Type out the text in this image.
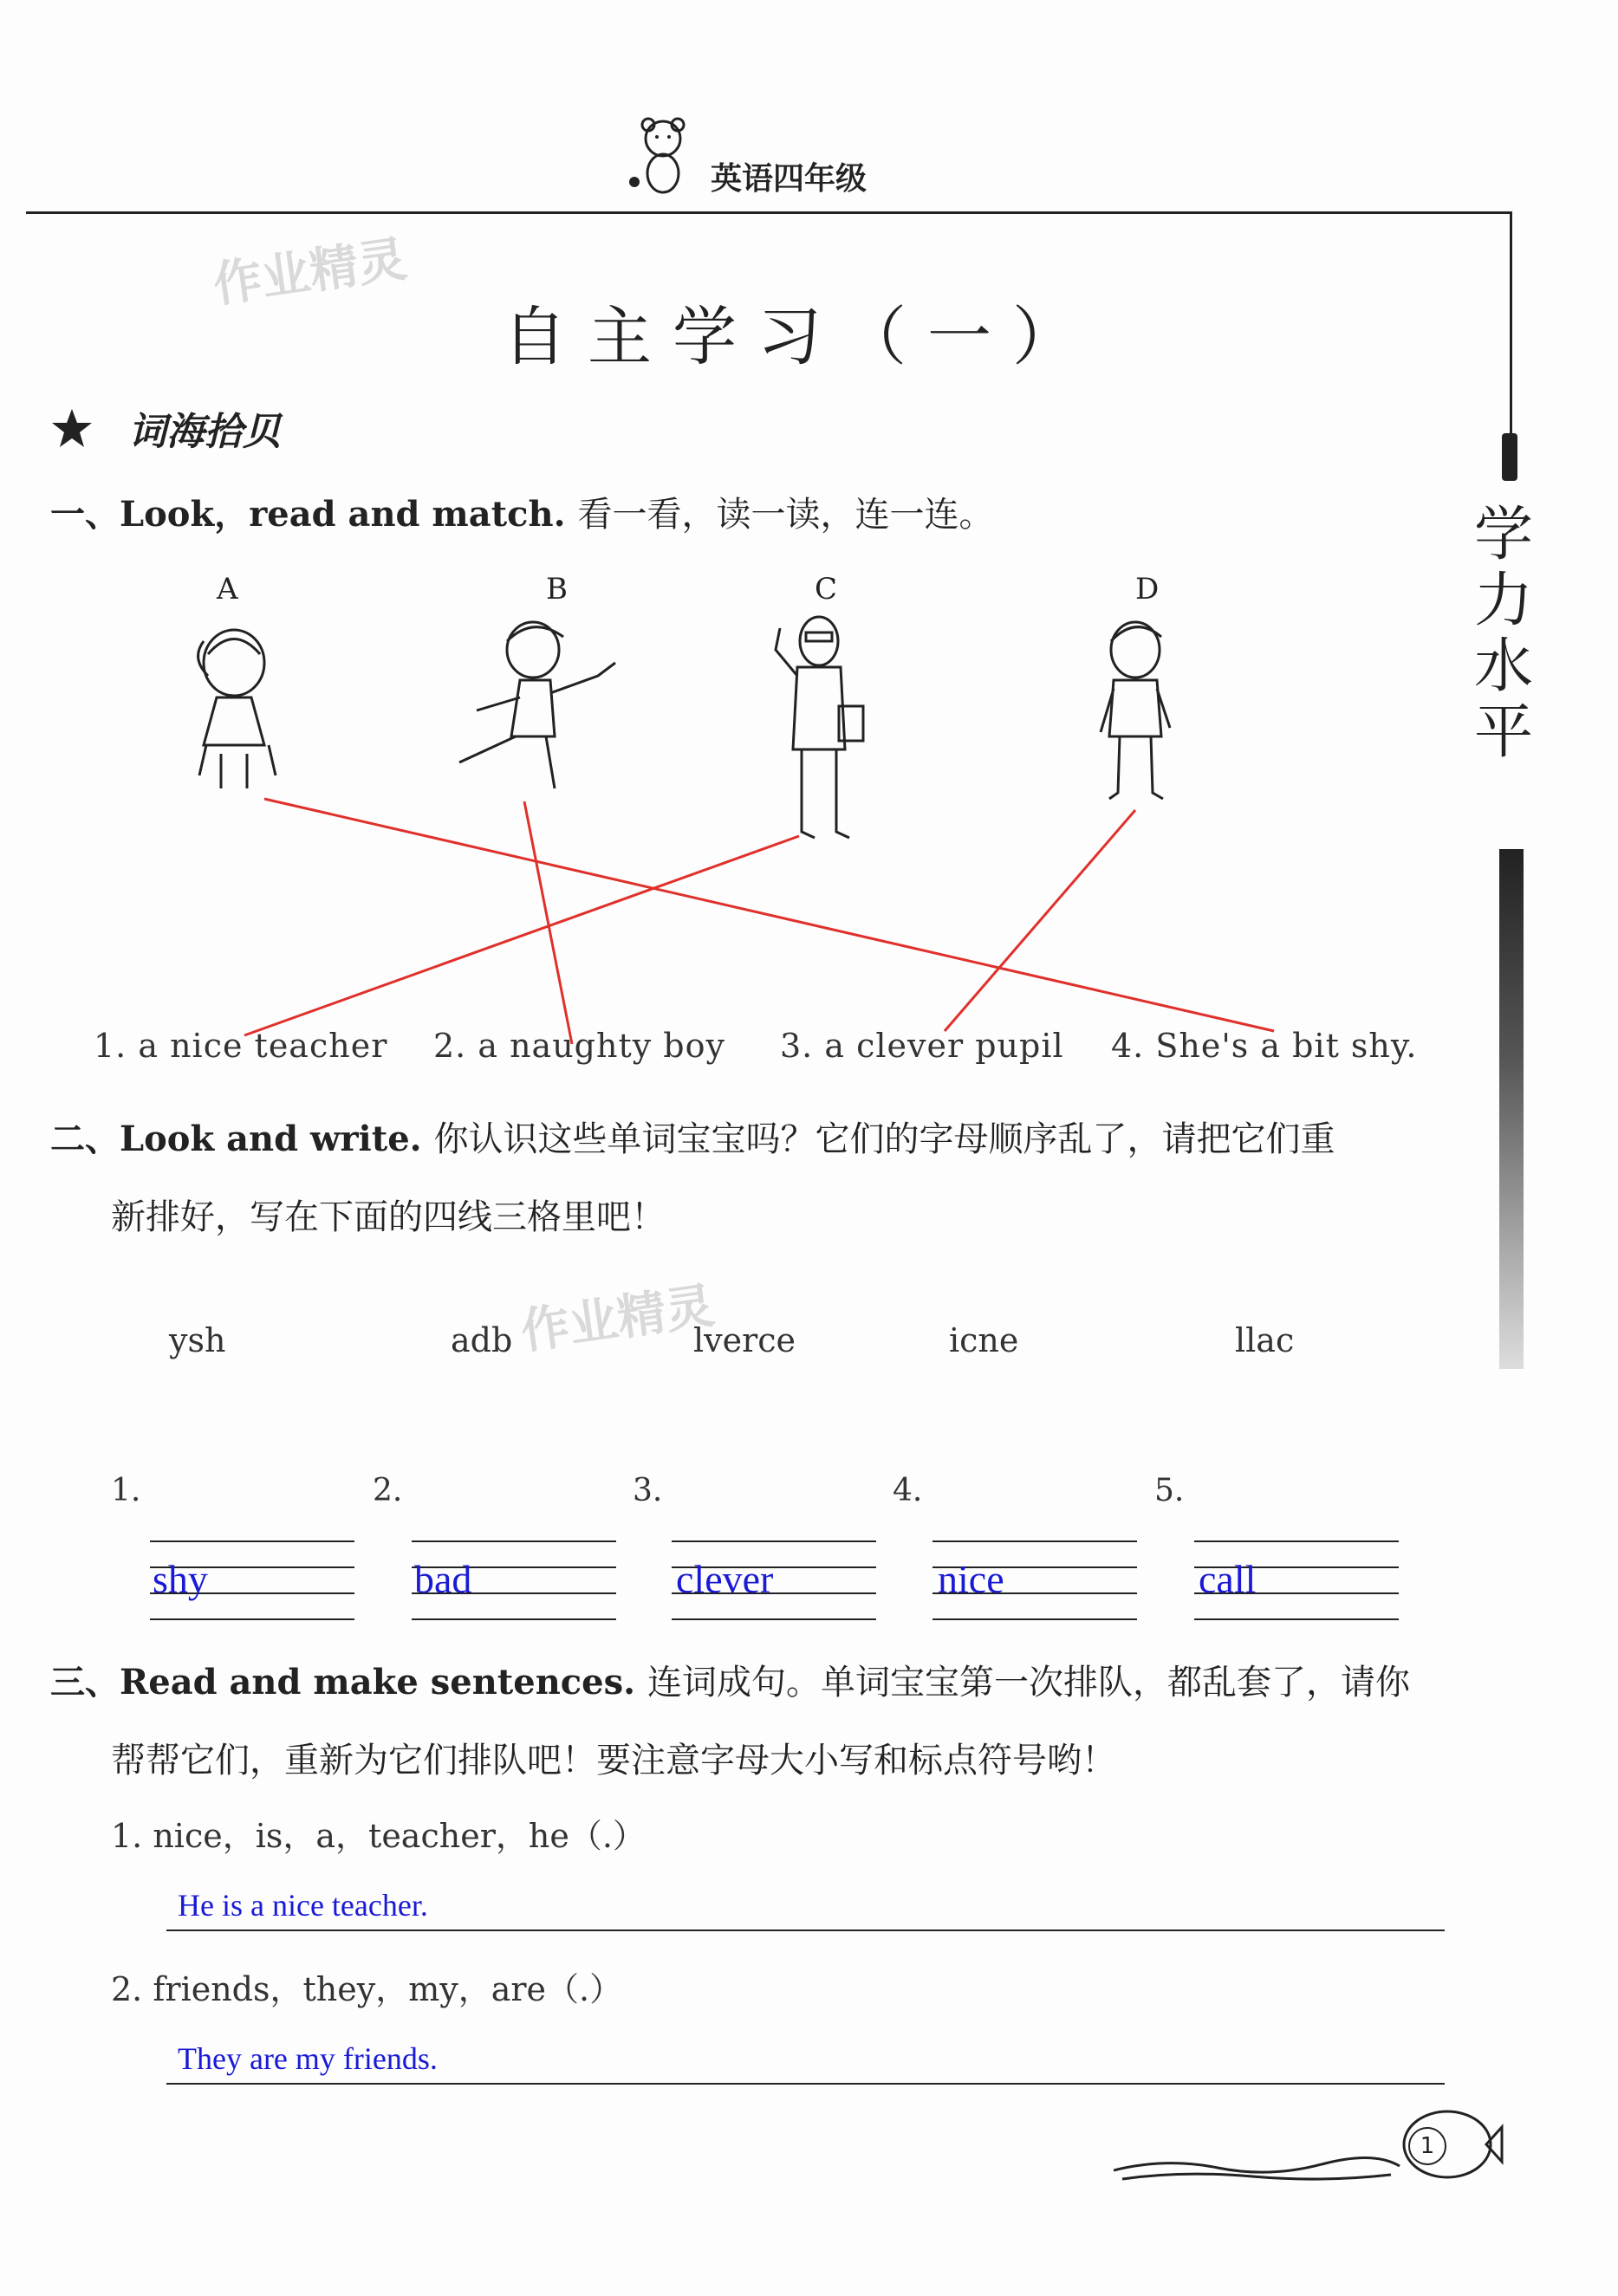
英语四年级
学力水平
作业精灵
作业精灵
自主学习（一）
词海拾贝
一、Look，read and match. 看一看，读一读，连一连。
A	B	C	D
1. a nice teacher 2. a naughty boy 3. a clever pupil 4. She's a bit shy.
二、Look and write. 你认识这些单词宝宝吗？它们的字母顺序乱了，请把它们重
新排好，写在下面的四线三格里吧！
ysh	adb	lverce	icne	llac
1.	2.	3.	4.	5.
shy	bad	clever	nice	call
三、Read and make sentences. 连词成句。单词宝宝第一次排队，都乱套了，请你
帮帮它们，重新为它们排队吧！要注意字母大小写和标点符号哟！
1. nice，is，a，teacher，he（.）
He is a nice teacher.
2. friends，they，my，are（.）
They are my friends.
1
